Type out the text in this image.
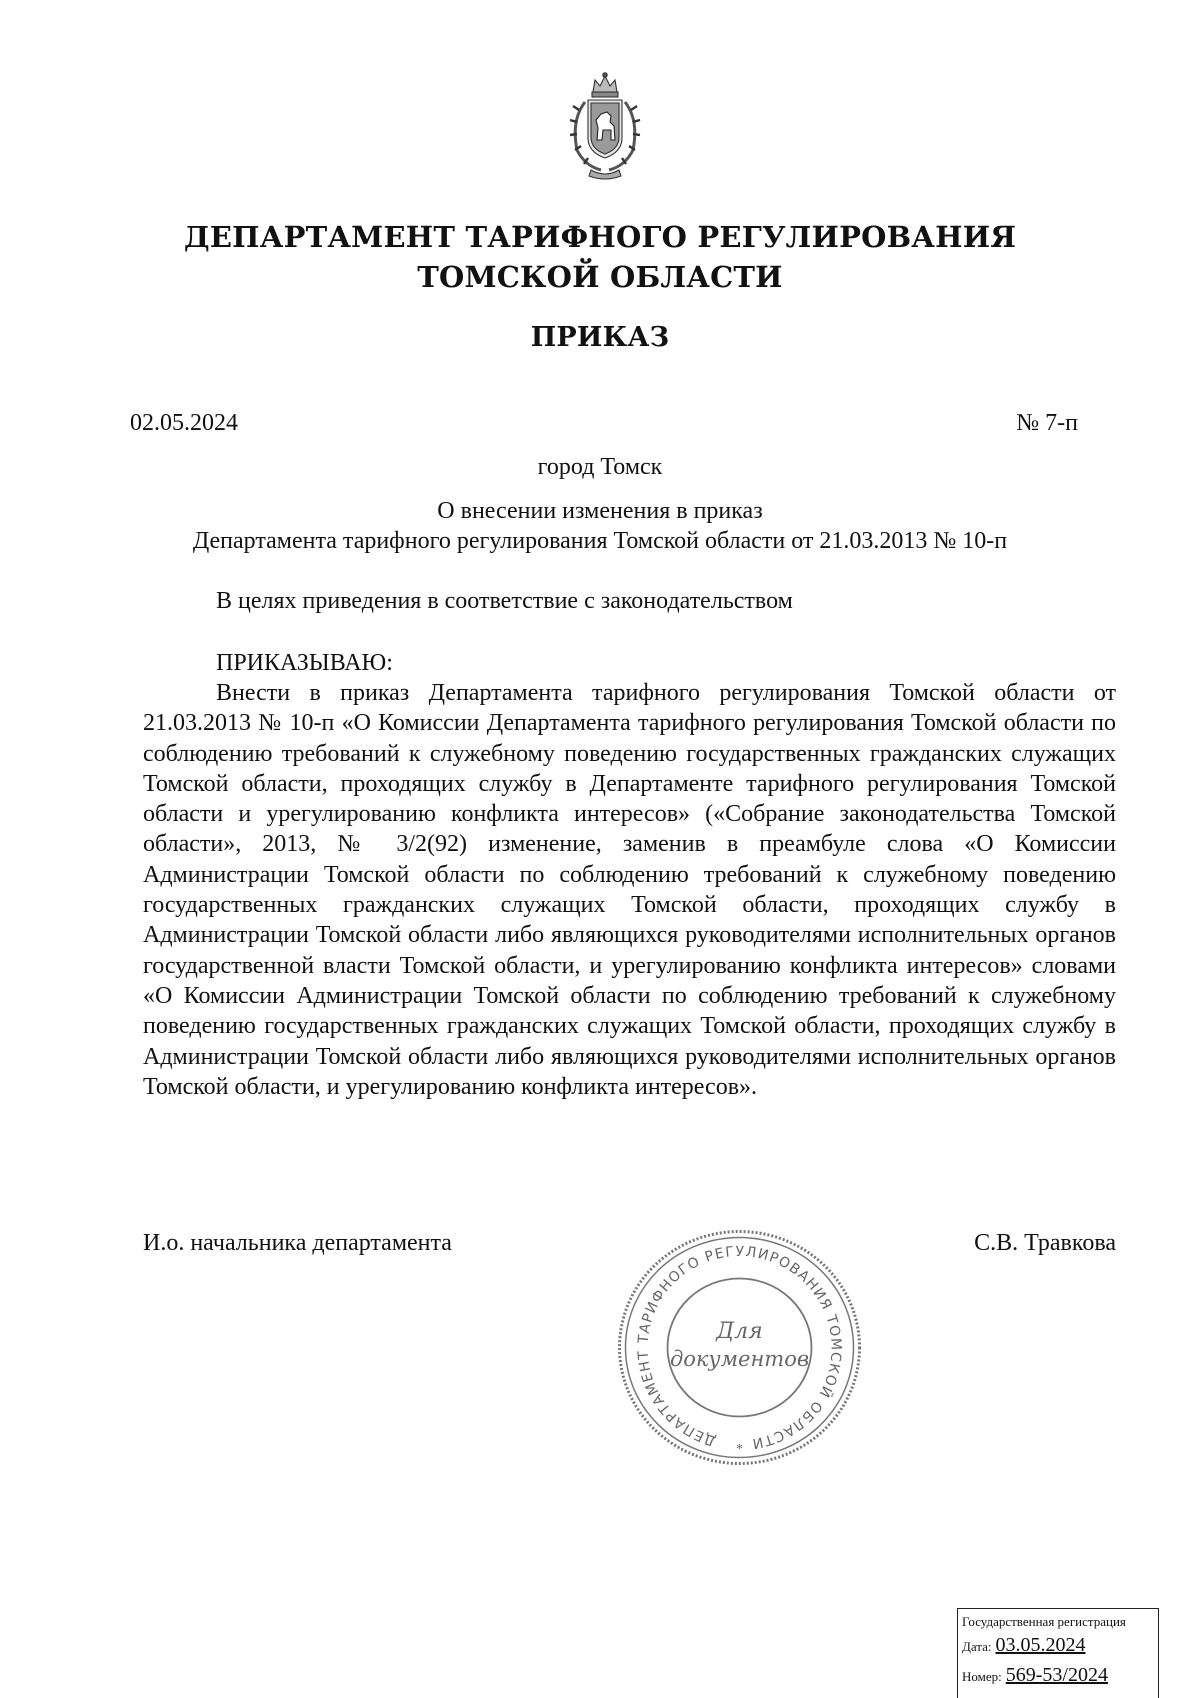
ДЕПАРТАМЕНТ ТАРИФНОГО РЕГУЛИРОВАНИЯ
ТОМСКОЙ ОБЛАСТИ
ПРИКАЗ
02.05.2024	№ 7-п
город Томск
О внесении изменения в приказ
Департамента тарифного регулирования Томской области от 21.03.2013 № 10-п
В целях приведения в соответствие с законодательством
ПРИКАЗЫВАЮ:
Внести в приказ Департамента тарифного регулирования Томской области от 21.03.2013 № 10-п «О Комиссии Департамента тарифного регулирования Томской области по соблюдению требований к служебному поведению государственных гражданских служащих Томской области, проходящих службу в Департаменте тарифного регулирования Томской области и урегулированию конфликта интересов» («Собрание законодательства Томской области», 2013, № 3/2(92) изменение, заменив в преамбуле слова «О Комиссии Администрации Томской области по соблюдению требований к служебному поведению государственных гражданских служащих Томской области, проходящих службу в Администрации Томской области либо являющихся руководителями исполнительных органов государственной власти Томской области, и урегулированию конфликта интересов» словами «О Комиссии Администрации Томской области по соблюдению требований к служебному поведению государственных гражданских служащих Томской области, проходящих службу в Администрации Томской области либо являющихся руководителями исполнительных органов Томской области, и урегулированию конфликта интересов».
И.о. начальника департамента	С.В. Травкова
ДЕПАРТАМЕНТ ТАРИФНОГО РЕГУЛИРОВАНИЯ ТОМСКОЙ ОБЛАСТИ
Для
документов
*
Государственная регистрация
Дата: 03.05.2024
Номер: 569-53/2024
